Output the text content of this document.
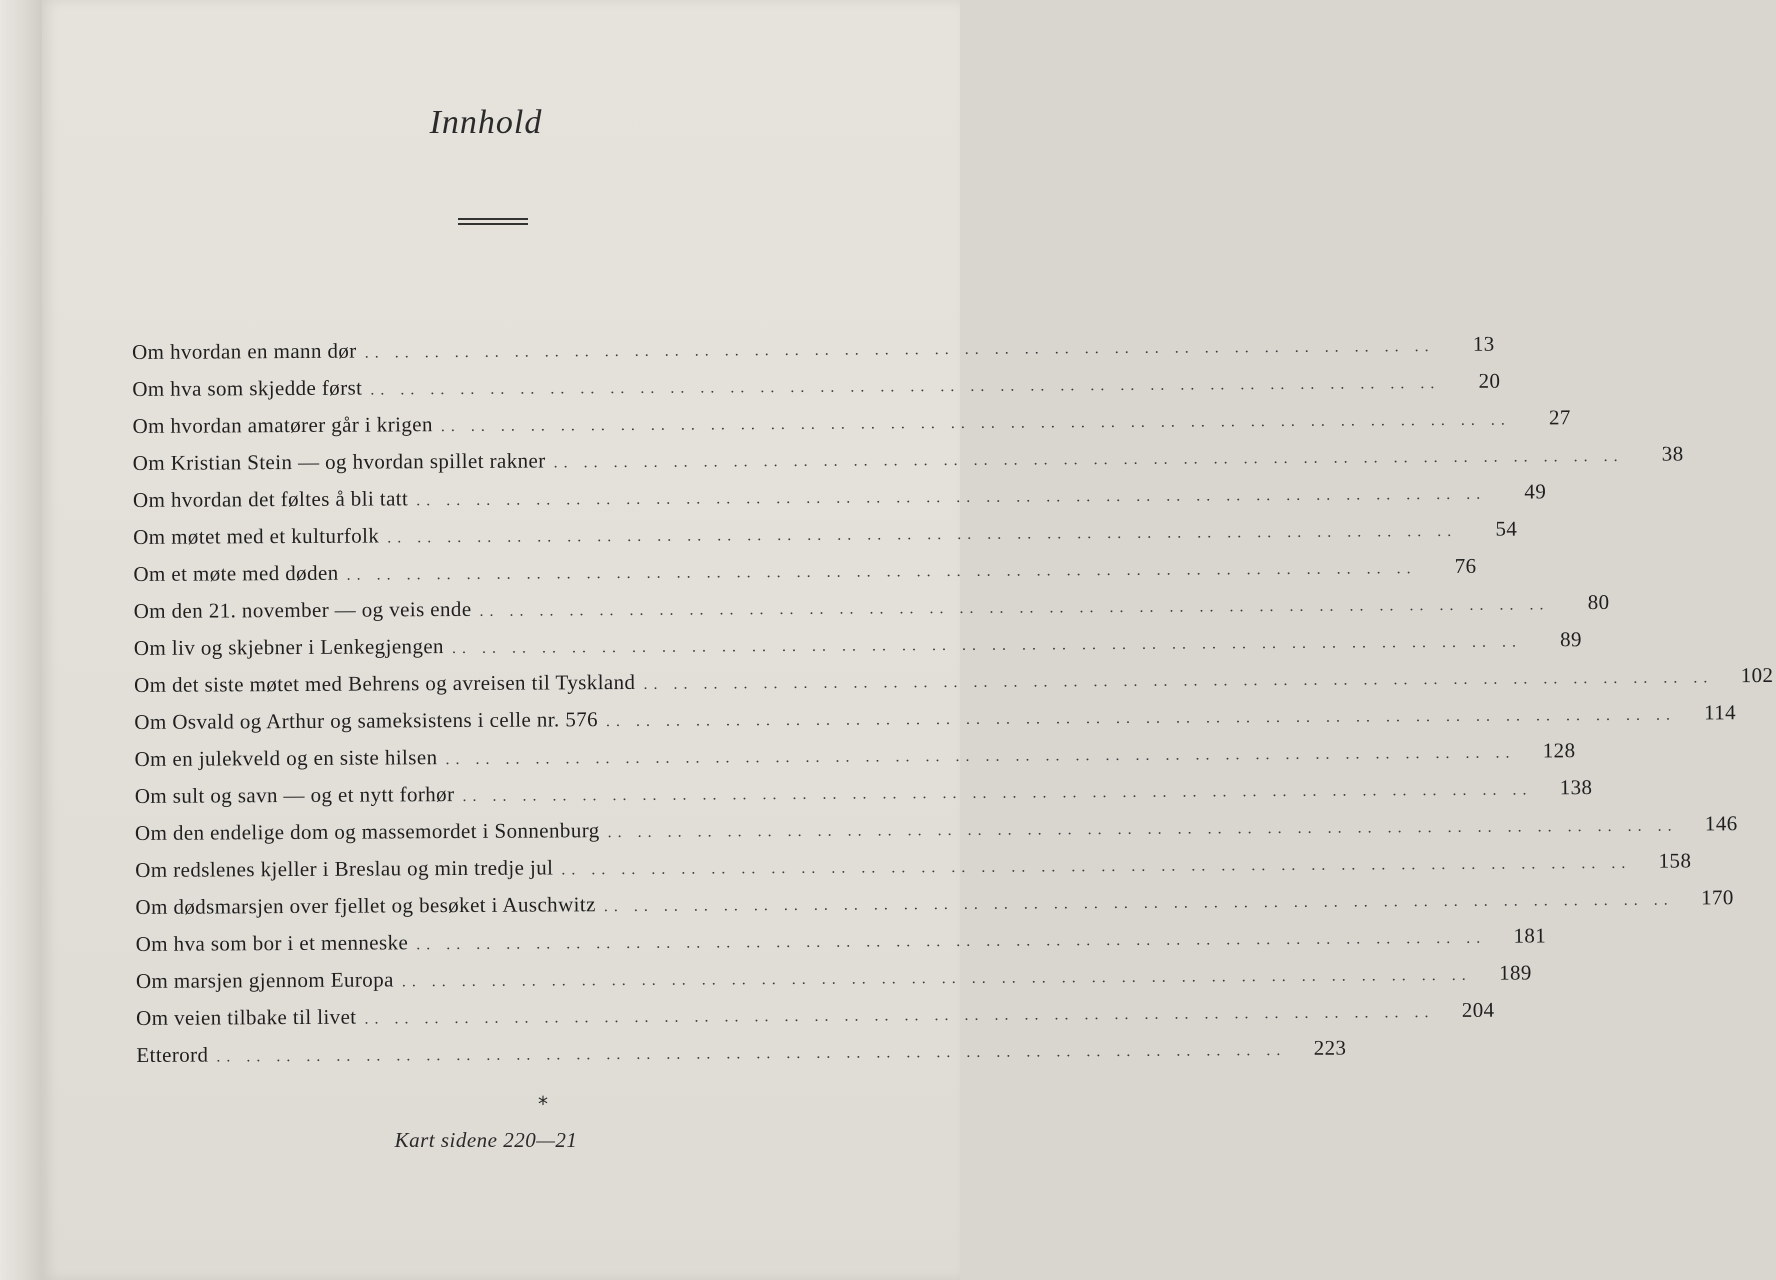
Innhold
Om hvordan en mann dør .. .. .. .. .. .. .. .. .. .. .. .. .. .. .. .. .. .. .. .. .. .. .. .. .. .. .. .. .. .. .. .. .. .. .. ..	13
Om hva som skjedde først .. .. .. .. .. .. .. .. .. .. .. .. .. .. .. .. .. .. .. .. .. .. .. .. .. .. .. .. .. .. .. .. .. .. .. ..	20
Om hvordan amatører går i krigen .. .. .. .. .. .. .. .. .. .. .. .. .. .. .. .. .. .. .. .. .. .. .. .. .. .. .. .. .. .. .. .. .. .. .. ..	27
Om Kristian Stein — og hvordan spillet rakner .. .. .. .. .. .. .. .. .. .. .. .. .. .. .. .. .. .. .. .. .. .. .. .. .. .. .. .. .. .. .. .. .. .. .. ..	38
Om hvordan det føltes å bli tatt .. .. .. .. .. .. .. .. .. .. .. .. .. .. .. .. .. .. .. .. .. .. .. .. .. .. .. .. .. .. .. .. .. .. .. ..	49
Om møtet med et kulturfolk .. .. .. .. .. .. .. .. .. .. .. .. .. .. .. .. .. .. .. .. .. .. .. .. .. .. .. .. .. .. .. .. .. .. .. ..	54
Om et møte med døden .. .. .. .. .. .. .. .. .. .. .. .. .. .. .. .. .. .. .. .. .. .. .. .. .. .. .. .. .. .. .. .. .. .. .. ..	76
Om den 21. november — og veis ende .. .. .. .. .. .. .. .. .. .. .. .. .. .. .. .. .. .. .. .. .. .. .. .. .. .. .. .. .. .. .. .. .. .. .. ..	80
Om liv og skjebner i Lenkegjengen .. .. .. .. .. .. .. .. .. .. .. .. .. .. .. .. .. .. .. .. .. .. .. .. .. .. .. .. .. .. .. .. .. .. .. ..	89
Om det siste møtet med Behrens og avreisen til Tyskland .. .. .. .. .. .. .. .. .. .. .. .. .. .. .. .. .. .. .. .. .. .. .. .. .. .. .. .. .. .. .. .. .. .. .. ..	102
Om Osvald og Arthur og sameksistens i celle nr. 576 .. .. .. .. .. .. .. .. .. .. .. .. .. .. .. .. .. .. .. .. .. .. .. .. .. .. .. .. .. .. .. .. .. .. .. ..	114
Om en julekveld og en siste hilsen .. .. .. .. .. .. .. .. .. .. .. .. .. .. .. .. .. .. .. .. .. .. .. .. .. .. .. .. .. .. .. .. .. .. .. ..	128
Om sult og savn — og et nytt forhør .. .. .. .. .. .. .. .. .. .. .. .. .. .. .. .. .. .. .. .. .. .. .. .. .. .. .. .. .. .. .. .. .. .. .. ..	138
Om den endelige dom og massemordet i Sonnenburg .. .. .. .. .. .. .. .. .. .. .. .. .. .. .. .. .. .. .. .. .. .. .. .. .. .. .. .. .. .. .. .. .. .. .. ..	146
Om redslenes kjeller i Breslau og min tredje jul .. .. .. .. .. .. .. .. .. .. .. .. .. .. .. .. .. .. .. .. .. .. .. .. .. .. .. .. .. .. .. .. .. .. .. ..	158
Om dødsmarsjen over fjellet og besøket i Auschwitz .. .. .. .. .. .. .. .. .. .. .. .. .. .. .. .. .. .. .. .. .. .. .. .. .. .. .. .. .. .. .. .. .. .. .. ..	170
Om hva som bor i et menneske .. .. .. .. .. .. .. .. .. .. .. .. .. .. .. .. .. .. .. .. .. .. .. .. .. .. .. .. .. .. .. .. .. .. .. ..	181
Om marsjen gjennom Europa .. .. .. .. .. .. .. .. .. .. .. .. .. .. .. .. .. .. .. .. .. .. .. .. .. .. .. .. .. .. .. .. .. .. .. ..	189
Om veien tilbake til livet .. .. .. .. .. .. .. .. .. .. .. .. .. .. .. .. .. .. .. .. .. .. .. .. .. .. .. .. .. .. .. .. .. .. .. ..	204
Etterord .. .. .. .. .. .. .. .. .. .. .. .. .. .. .. .. .. .. .. .. .. .. .. .. .. .. .. .. .. .. .. .. .. .. .. ..	223
*
Kart sidene 220—21
